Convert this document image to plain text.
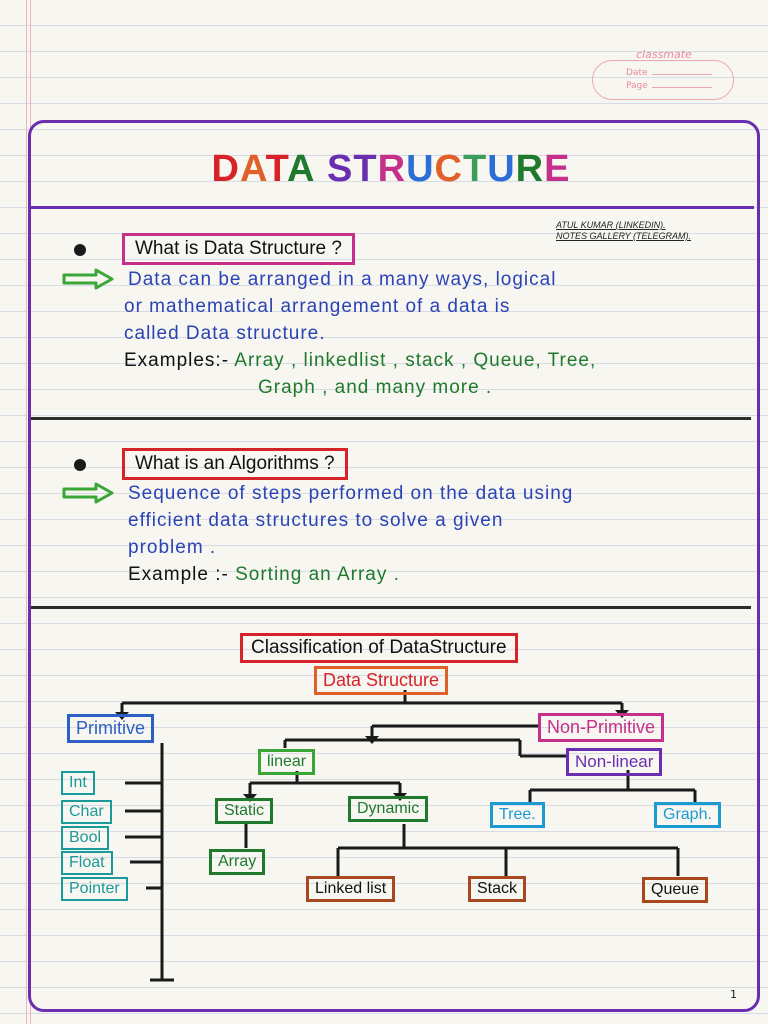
classmate
Date
Page
DATA STRUCTURE
ATUL KUMAR (LINKEDIN).
NOTES GALLERY (TELEGRAM).
What is Data Structure ?
Data can be arranged in a many ways, logical
or mathematical arrangement of a data is
called Data structure.
Examples:- Array , linkedlist , stack , Queue, Tree,
Graph , and many more .
What is an Algorithms ?
Sequence of steps performed on the data using
efficient data structures to solve a given
problem .
Example :- Sorting an Array .
Classification of DataStructure
Data Structure
Primitive
Int
Char
Bool
Float
Pointer
Non-Primitive
linear	Non-linear
Static	Dynamic	Tree.	Graph.
Array
Linked list	Stack	Queue
1
